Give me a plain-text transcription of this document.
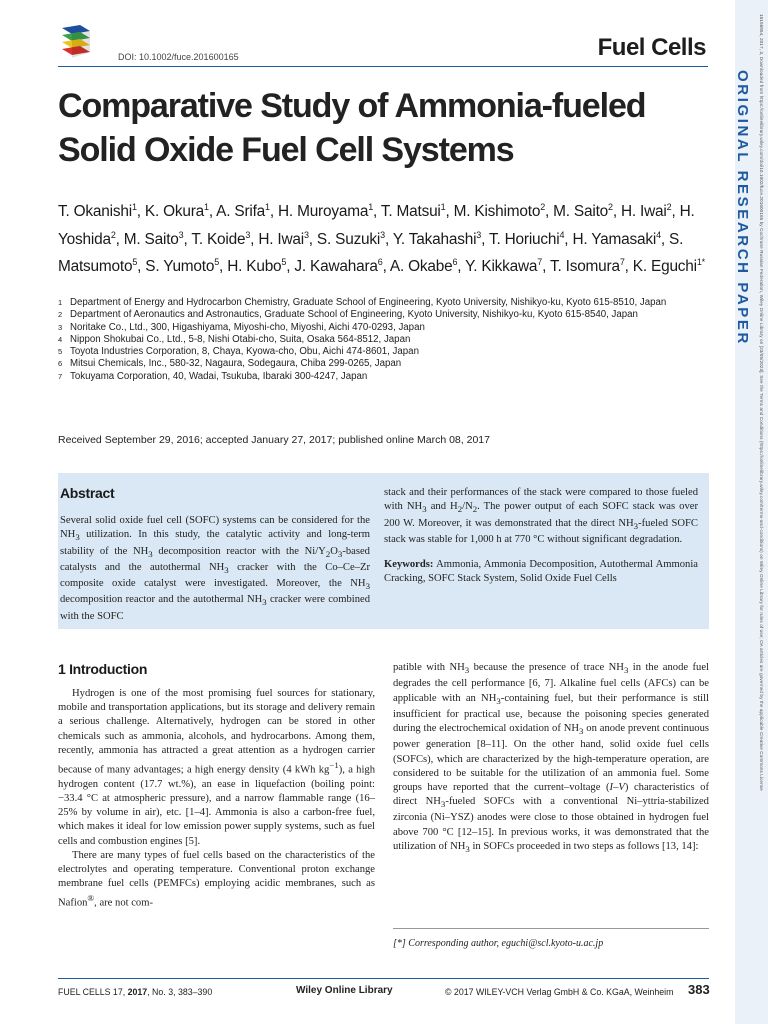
DOI: 10.1002/fuce.201600165	Fuel Cells	16156854, 2017, 3, Downloaded from https://onlinelibrary.wiley.com/doi/10.1002/fuce.201600165 by Cochrane Russian Federation, Wiley Online Library on [23/05/2023]. See the Terms and Conditions (https://onlinelibrary.wiley.com/terms-and-conditions) on Wiley Online Library for rules of use; OA articles are governed by the applicable Creative Commons License
ORIGINAL RESEARCH PAPER
Comparative Study of Ammonia-fueled
Solid Oxide Fuel Cell Systems
T. Okanishi$^1$, K. Okura$^1$, A. Srifa$^1$, H. Muroyama$^1$, T. Matsui$^1$, M. Kishimoto$^2$, M. Saito$^2$, H. Iwai$^2$, H. Yoshida$^2$, M. Saito$^3$, T. Koide$^3$, H. Iwai$^3$, S. Suzuki$^3$, Y. Takahashi$^3$, T. Horiuchi$^4$, H. Yamasaki$^4$, S. Matsumoto$^5$, S. Yumoto$^5$, H. Kubo$^5$, J. Kawahara$^6$, A. Okabe$^6$, Y. Kikkawa$^7$, T. Isomura$^7$, K. Eguchi$^{1*}$
1 Department of Energy and Hydrocarbon Chemistry, Graduate School of Engineering, Kyoto University, Nishikyo-ku, Kyoto 615-8510, Japan
2 Department of Aeronautics and Astronautics, Graduate School of Engineering, Kyoto University, Nishikyo-ku, Kyoto 615-8540, Japan
3 Noritake Co., Ltd., 300, Higashiyama, Miyoshi-cho, Miyoshi, Aichi 470-0293, Japan
4 Nippon Shokubai Co., Ltd., 5-8, Nishi Otabi-cho, Suita, Osaka 564-8512, Japan
5 Toyota Industries Corporation, 8, Chaya, Kyowa-cho, Obu, Aichi 474-8601, Japan
6 Mitsui Chemicals, Inc., 580-32, Nagaura, Sodegaura, Chiba 299-0265, Japan
7 Tokuyama Corporation, 40, Wadai, Tsukuba, Ibaraki 300-4247, Japan
Received September 29, 2016; accepted January 27, 2017; published online March 08, 2017
Abstract
Several solid oxide fuel cell (SOFC) systems can be considered for the $NH_3$ utilization. In this study, the catalytic activity and long-term stability of the $NH_3$ decomposition reactor with the $Ni/Y_2O_3$-based catalysts and the autothermal $NH_3$ cracker with the Co–Ce–Zr composite oxide catalyst were investigated. Moreover, the $NH_3$ decomposition reactor and the autothermal $NH_3$ cracker were combined with the SOFC
stack and their performances of the stack were compared to those fueled with $NH_3$ and $H_2/N_2$. The power output of each SOFC stack was over 200 W. Moreover, it was demonstrated that the direct $NH_3$-fueled SOFC stack was stable for 1,000 h at 770 °C without significant degradation.
Keywords: Ammonia, Ammonia Decomposition, Autothermal Ammonia Cracking, SOFC Stack System, Solid Oxide Fuel Cells
1 Introduction

Hydrogen is one of the most promising fuel sources for stationary, mobile and transportation applications, but its storage and delivery remain a serious challenge. Alternatively, hydrogen can be stored in other chemicals such as ammonia, alcohols, and hydrocarbons. Among them, recently, ammonia has attracted a great attention as a hydrogen carrier because of many advantages; a high energy density (4 kWh $kg^{-1}$), a high hydrogen content (17.7 wt.%), an ease in liquefaction (boiling point: −33.4 °C at atmospheric pressure), and a narrow flammable range (16–25% by volume in air), etc. [1–4]. Ammonia is also a carbon-free fuel, which makes it ideal for low emission power supply systems, such as fuel cells and combustion engines [5].

There are many types of fuel cells based on the characteristics of the electrolytes and operating temperature. Conventional proton exchange membrane fuel cells (PEMFCs) employing acidic membranes, such as Nafion®, are not com-

patible with $NH_3$ because the presence of trace $NH_3$ in the anode fuel degrades the cell performance [6, 7]. Alkaline fuel cells (AFCs) can be applicable with an $NH_3$-containing fuel, but their performance is still insufficient for practical use, because the poisoning species generated during the electrochemical oxidation of $NH_3$ on anode prevent continuous power generation [8–11]. On the other hand, solid oxide fuel cells (SOFCs), which are characterized by the high-temperature operation, are considered to be suitable for the utilization of an ammonia fuel. Some groups have reported that the current–voltage (I–V) characteristics of direct $NH_3$-fueled SOFCs with a conventional Ni–yttria-stabilized zirconia (Ni–YSZ) anodes were close to those obtained in hydrogen fuel above 700 °C [12–15]. In previous works, it was demonstrated that the utilization of $NH_3$ in SOFCs proceeded in two steps as follows [13, 14]:

[*] Corresponding author, eguchi@scl.kyoto-u.ac.jp
FUEL CELLS 17, 2017, No. 3, 383–390	Wiley Online Library	© 2017 WILEY-VCH Verlag GmbH & Co. KGaA, Weinheim 383
